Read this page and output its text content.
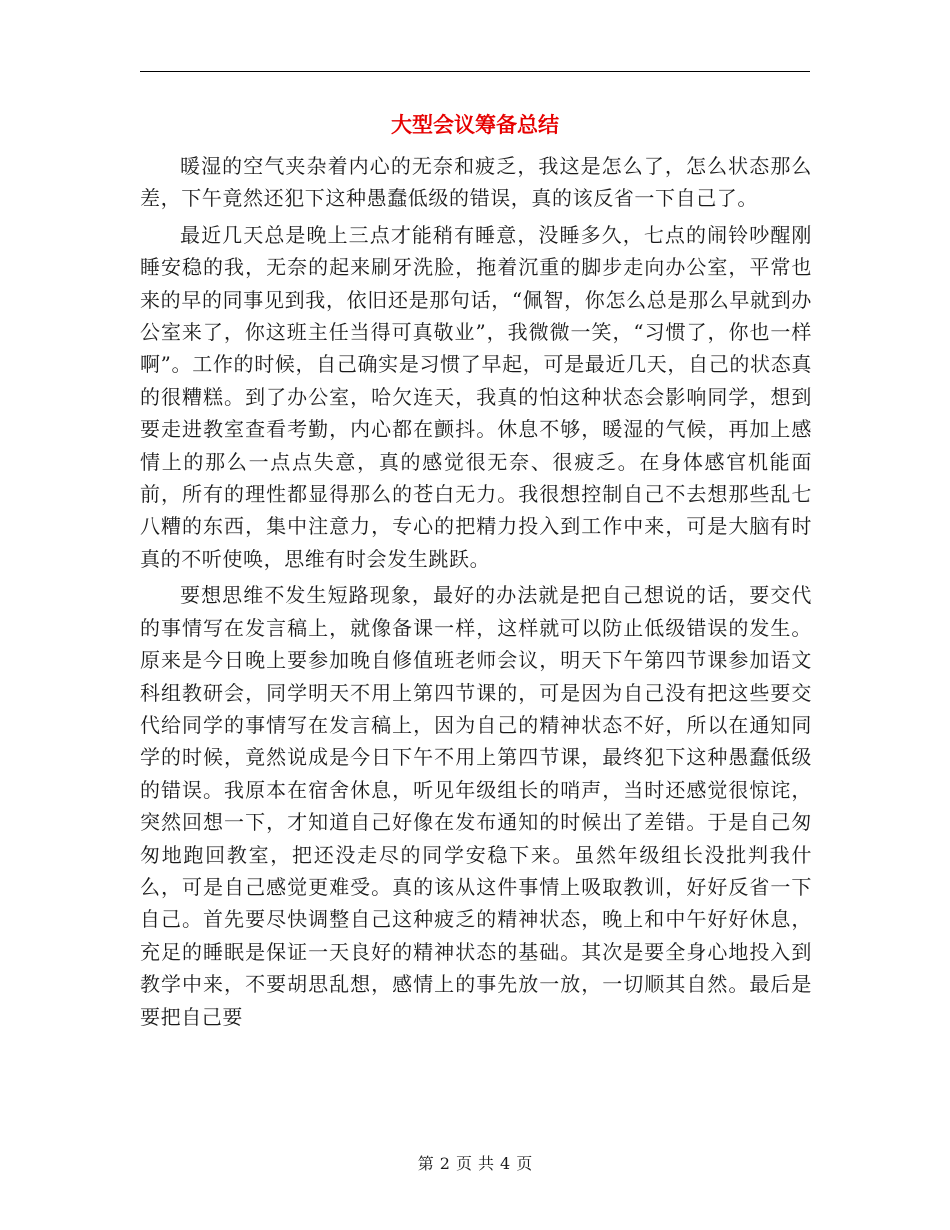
大型会议筹备总结

暖湿的空气夹杂着内心的无奈和疲乏，我这是怎么了，怎么状态那么差，下午竟然还犯下这种愚蠢低级的错误，真的该反省一下自己了。

最近几天总是晚上三点才能稍有睡意，没睡多久，七点的闹铃吵醒刚睡安稳的我，无奈的起来刷牙洗脸，拖着沉重的脚步走向办公室，平常也来的早的同事见到我，依旧还是那句话，“佩智，你怎么总是那么早就到办公室来了，你这班主任当得可真敬业”，我微微一笑，“习惯了，你也一样啊”。工作的时候，自己确实是习惯了早起，可是最近几天，自己的状态真的很糟糕。到了办公室，哈欠连天，我真的怕这种状态会影响同学，想到要走进教室查看考勤，内心都在颤抖。休息不够，暖湿的气候，再加上感情上的那么一点点失意，真的感觉很无奈、很疲乏。在身体感官机能面前，所有的理性都显得那么的苍白无力。我很想控制自己不去想那些乱七八糟的东西，集中注意力，专心的把精力投入到工作中来，可是大脑有时真的不听使唤，思维有时会发生跳跃。

要想思维不发生短路现象，最好的办法就是把自己想说的话，要交代的事情写在发言稿上，就像备课一样，这样就可以防止低级错误的发生。原来是今日晚上要参加晚自修值班老师会议，明天下午第四节课参加语文科组教研会，同学明天不用上第四节课的，可是因为自己没有把这些要交代给同学的事情写在发言稿上，因为自己的精神状态不好，所以在通知同学的时候，竟然说成是今日下午不用上第四节课，最终犯下这种愚蠢低级的错误。我原本在宿舍休息，听见年级组长的哨声，当时还感觉很惊诧，突然回想一下，才知道自己好像在发布通知的时候出了差错。于是自己匆匆地跑回教室，把还没走尽的同学安稳下来。虽然年级组长没批判我什么，可是自己感觉更难受。真的该从这件事情上吸取教训，好好反省一下自己。首先要尽快调整自己这种疲乏的精神状态，晚上和中午好好休息，充足的睡眠是保证一天良好的精神状态的基础。其次是要全身心地投入到教学中来，不要胡思乱想，感情上的事先放一放，一切顺其自然。最后是要把自己要

第 2 页 共 4 页
